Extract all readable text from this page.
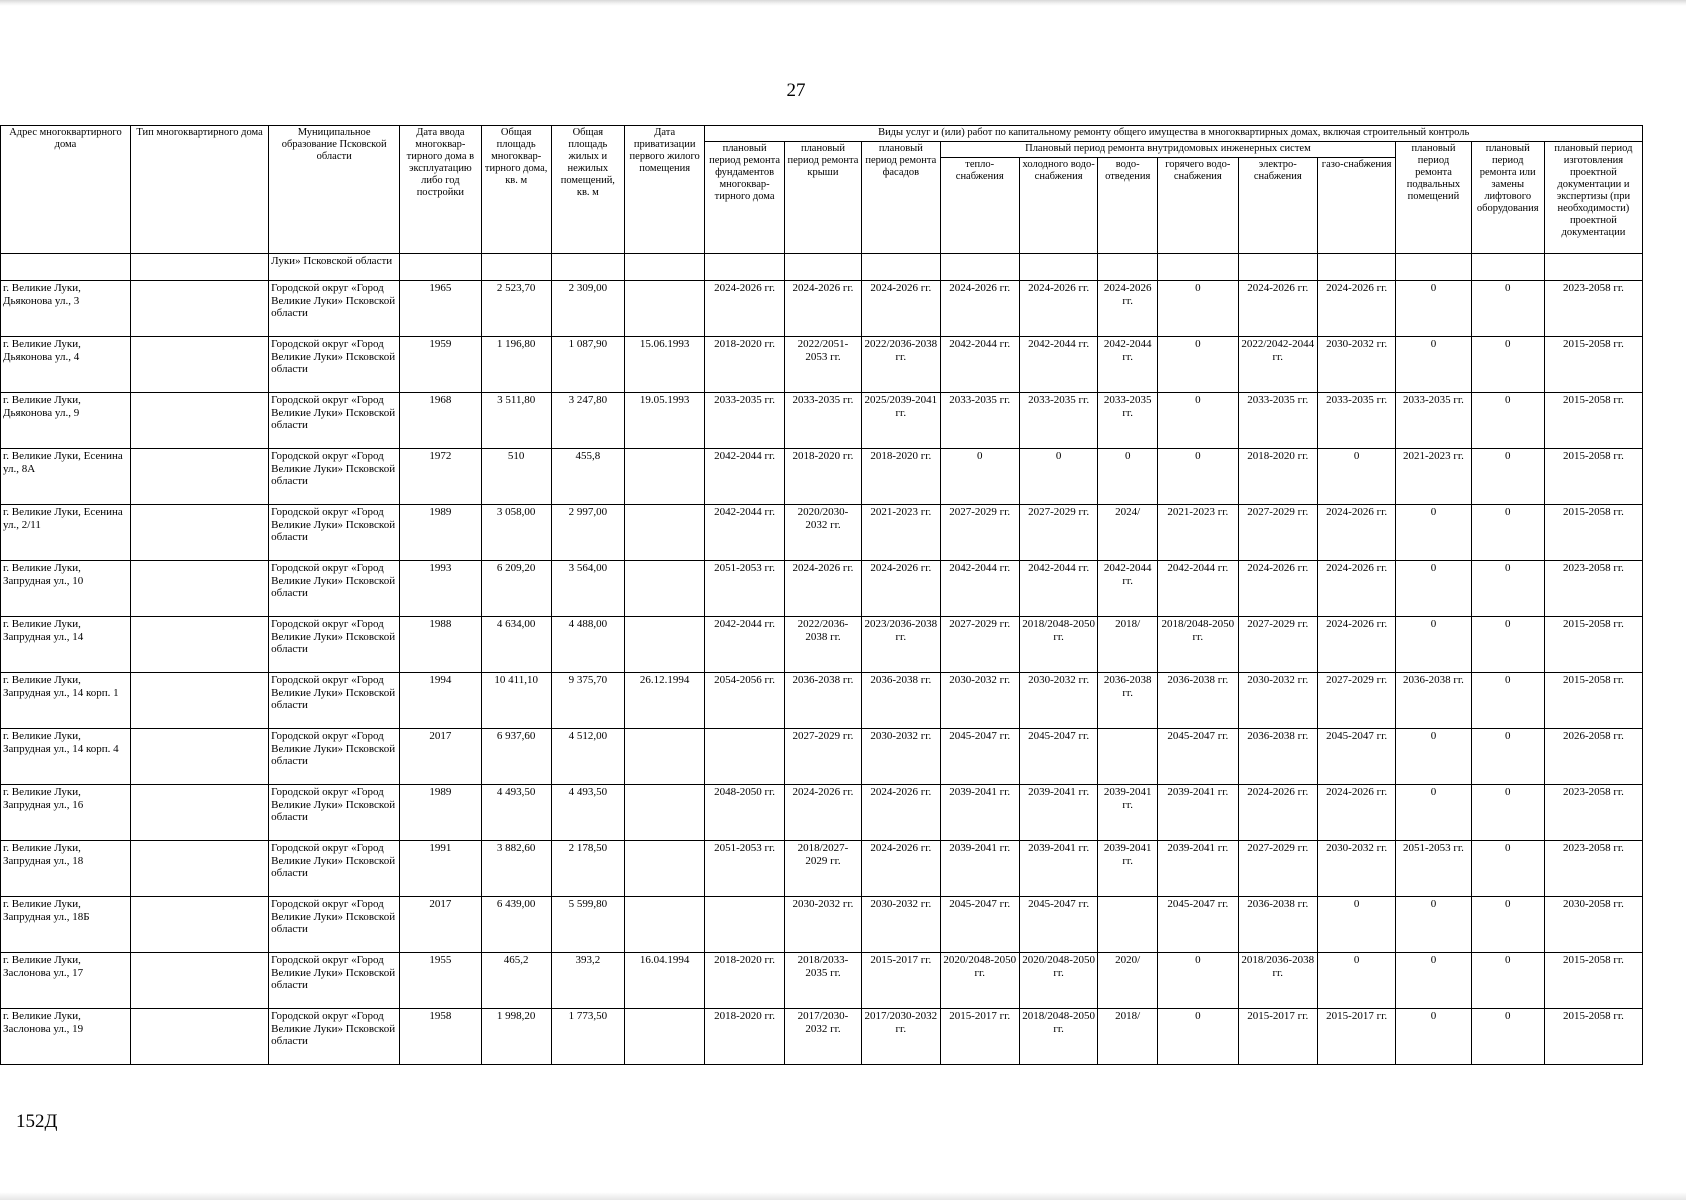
27
Адрес многоквартирного дома	Тип многоквартирного дома	Муниципальное образование Псковской области	Дата ввода многоквар-тирного дома в эксплуатацию либо год постройки	Общая площадь многоквар-тирного дома, кв. м	Общая площадь жилых и нежилых помещений, кв. м	Дата приватизации первого жилого помещения	Виды услуг и (или) работ по капитальному ремонту общего имущества в многоквартирных домах, включая строительный контроль											
							плановый период ремонта фундаментов многоквар-тирного дома	плановый период ремонта крыши	плановый период ремонта фасадов	Плановый период ремонта внутридомовых инженерных систем						плановый период ремонта подвальных помещений	плановый период ремонта или замены лифтового оборудования	плановый период изготовления проектной документации и экспертизы (при необходимости) проектной документации
										тепло-снабжения	холодного водо-снабжения	водо-отведения	горячего водо-снабжения	электро-снабжения	газо-снабжения			
		Луки» Псковской области																
г. Великие Луки, Дьяконова ул., 3		Городской округ «Город Великие Луки» Псковской области	1965	2 523,70	2 309,00		2024-2026 гг.	2024-2026 гг.	2024-2026 гг.	2024-2026 гг.	2024-2026 гг.	2024-2026 гг.	0	2024-2026 гг.	2024-2026 гг.	0	0	2023-2058 гг.
г. Великие Луки, Дьяконова ул., 4		Городской округ «Город Великие Луки» Псковской области	1959	1 196,80	1 087,90	15.06.1993	2018-2020 гг.	2022/2051-2053 гг.	2022/2036-2038 гг.	2042-2044 гг.	2042-2044 гг.	2042-2044 гг.	0	2022/2042-2044 гг.	2030-2032 гг.	0	0	2015-2058 гг.
г. Великие Луки, Дьяконова ул., 9		Городской округ «Город Великие Луки» Псковской области	1968	3 511,80	3 247,80	19.05.1993	2033-2035 гг.	2033-2035 гг.	2025/2039-2041 гг.	2033-2035 гг.	2033-2035 гг.	2033-2035 гг.	0	2033-2035 гг.	2033-2035 гг.	2033-2035 гг.	0	2015-2058 гг.
г. Великие Луки, Есенина ул., 8А		Городской округ «Город Великие Луки» Псковской области	1972	510	455,8		2042-2044 гг.	2018-2020 гг.	2018-2020 гг.	0	0	0	0	2018-2020 гг.	0	2021-2023 гг.	0	2015-2058 гг.
г. Великие Луки, Есенина ул., 2/11		Городской округ «Город Великие Луки» Псковской области	1989	3 058,00	2 997,00		2042-2044 гг.	2020/2030-2032 гг.	2021-2023 гг.	2027-2029 гг.	2027-2029 гг.	2024/	2021-2023 гг.	2027-2029 гг.	2024-2026 гг.	0	0	2015-2058 гг.
г. Великие Луки, Запрудная ул., 10		Городской округ «Город Великие Луки» Псковской области	1993	6 209,20	3 564,00		2051-2053 гг.	2024-2026 гг.	2024-2026 гг.	2042-2044 гг.	2042-2044 гг.	2042-2044 гг.	2042-2044 гг.	2024-2026 гг.	2024-2026 гг.	0	0	2023-2058 гг.
г. Великие Луки, Запрудная ул., 14		Городской округ «Город Великие Луки» Псковской области	1988	4 634,00	4 488,00		2042-2044 гг.	2022/2036-2038 гг.	2023/2036-2038 гг.	2027-2029 гг.	2018/2048-2050 гг.	2018/	2018/2048-2050 гг.	2027-2029 гг.	2024-2026 гг.	0	0	2015-2058 гг.
г. Великие Луки, Запрудная ул., 14 корп. 1		Городской округ «Город Великие Луки» Псковской области	1994	10 411,10	9 375,70	26.12.1994	2054-2056 гг.	2036-2038 гг.	2036-2038 гг.	2030-2032 гг.	2030-2032 гг.	2036-2038 гг.	2036-2038 гг.	2030-2032 гг.	2027-2029 гг.	2036-2038 гг.	0	2015-2058 гг.
г. Великие Луки, Запрудная ул., 14 корп. 4		Городской округ «Город Великие Луки» Псковской области	2017	6 937,60	4 512,00			2027-2029 гг.	2030-2032 гг.	2045-2047 гг.	2045-2047 гг.		2045-2047 гг.	2036-2038 гг.	2045-2047 гг.	0	0	2026-2058 гг.
г. Великие Луки, Запрудная ул., 16		Городской округ «Город Великие Луки» Псковской области	1989	4 493,50	4 493,50		2048-2050 гг.	2024-2026 гг.	2024-2026 гг.	2039-2041 гг.	2039-2041 гг.	2039-2041 гг.	2039-2041 гг.	2024-2026 гг.	2024-2026 гг.	0	0	2023-2058 гг.
г. Великие Луки, Запрудная ул., 18		Городской округ «Город Великие Луки» Псковской области	1991	3 882,60	2 178,50		2051-2053 гг.	2018/2027-2029 гг.	2024-2026 гг.	2039-2041 гг.	2039-2041 гг.	2039-2041 гг.	2039-2041 гг.	2027-2029 гг.	2030-2032 гг.	2051-2053 гг.	0	2023-2058 гг.
г. Великие Луки, Запрудная ул., 18Б		Городской округ «Город Великие Луки» Псковской области	2017	6 439,00	5 599,80			2030-2032 гг.	2030-2032 гг.	2045-2047 гг.	2045-2047 гг.		2045-2047 гг.	2036-2038 гг.	0	0	0	2030-2058 гг.
г. Великие Луки, Заслонова ул., 17		Городской округ «Город Великие Луки» Псковской области	1955	465,2	393,2	16.04.1994	2018-2020 гг.	2018/2033-2035 гг.	2015-2017 гг.	2020/2048-2050 гг.	2020/2048-2050 гг.	2020/	0	2018/2036-2038 гг.	0	0	0	2015-2058 гг.
г. Великие Луки, Заслонова ул., 19		Городской округ «Город Великие Луки» Псковской области	1958	1 998,20	1 773,50		2018-2020 гг.	2017/2030-2032 гг.	2017/2030-2032 гг.	2015-2017 гг.	2018/2048-2050 гг.	2018/	0	2015-2017 гг.	2015-2017 гг.	0	0	2015-2058 гг.
152Д
